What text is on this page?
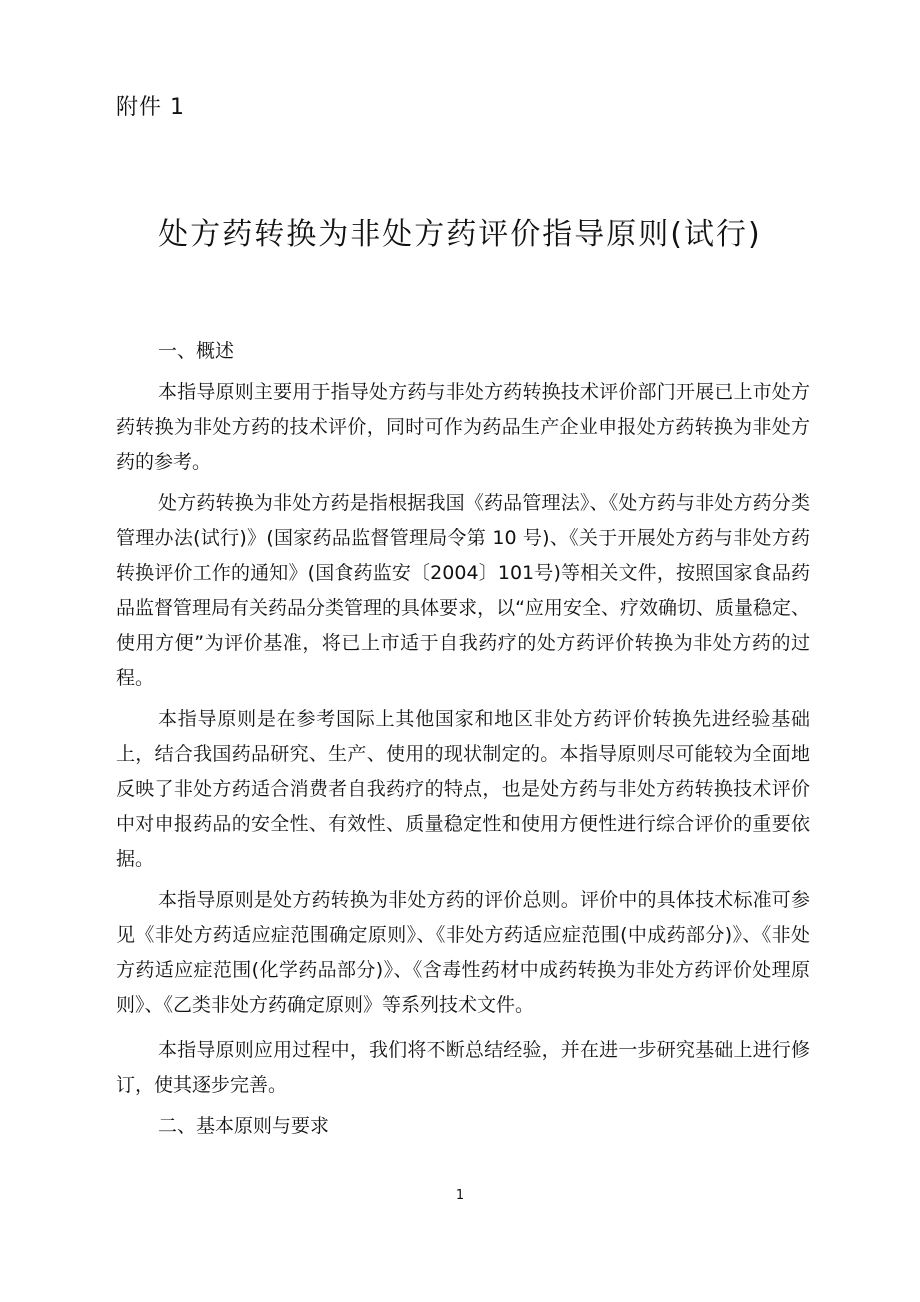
附件 1
处方药转换为非处方药评价指导原则(试行)
一、概述

本指导原则主要用于指导处方药与非处方药转换技术评价部门开展已上市处方药转换为非处方药的技术评价，同时可作为药品生产企业申报处方药转换为非处方药的参考。

处方药转换为非处方药是指根据我国《药品管理法》、《处方药与非处方药分类管理办法(试行)》(国家药品监督管理局令第 10 号)、《关于开展处方药与非处方药转换评价工作的通知》(国食药监安〔2004〕101号)等相关文件，按照国家食品药品监督管理局有关药品分类管理的具体要求，以“应用安全、疗效确切、质量稳定、使用方便”为评价基准，将已上市适于自我药疗的处方药评价转换为非处方药的过程。

本指导原则是在参考国际上其他国家和地区非处方药评价转换先进经验基础上，结合我国药品研究、生产、使用的现状制定的。本指导原则尽可能较为全面地反映了非处方药适合消费者自我药疗的特点，也是处方药与非处方药转换技术评价中对申报药品的安全性、有效性、质量稳定性和使用方便性进行综合评价的重要依据。

本指导原则是处方药转换为非处方药的评价总则。评价中的具体技术标准可参见《非处方药适应症范围确定原则》、《非处方药适应症范围(中成药部分)》、《非处方药适应症范围(化学药品部分)》、《含毒性药材中成药转换为非处方药评价处理原则》、《乙类非处方药确定原则》等系列技术文件。

本指导原则应用过程中，我们将不断总结经验，并在进一步研究基础上进行修订，使其逐步完善。

二、基本原则与要求
1
